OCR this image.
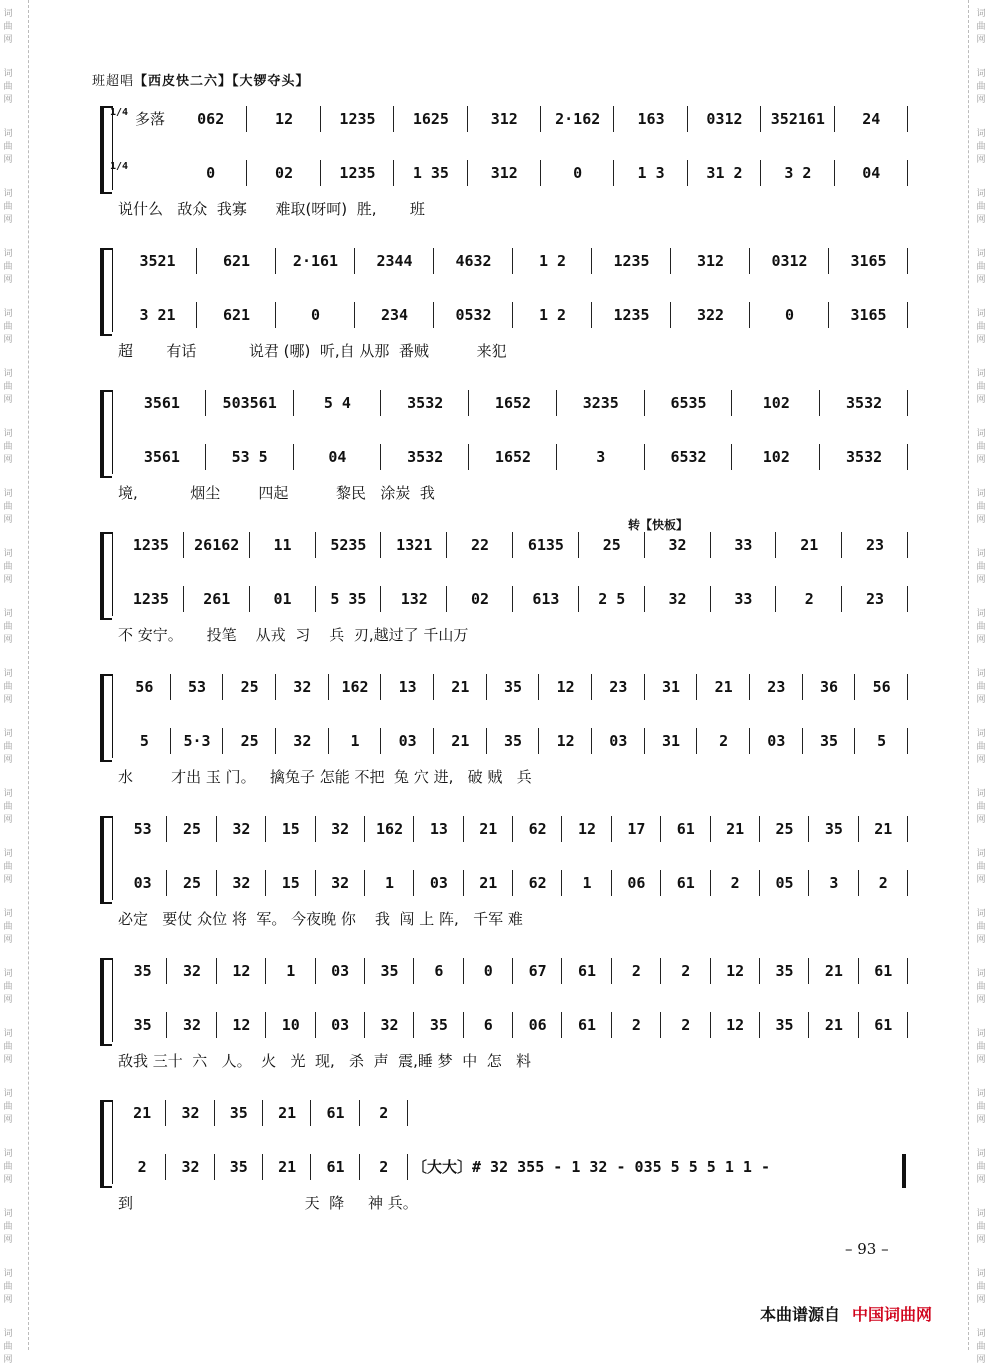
班超唱【西皮快二六】【大锣夺头】
1/4 多落	062	12	1235	1625	312	2·162	163	0312	352161	24
1/4	0	02	1235	1 35	312	0	1 3	31 2	3 2	04
说什么   敌众  我寡      难取(呀呵)  胜,       班
3521	621	2·161	2344	4632	1 2	1235	312	0312	3165
3 21	621	0	234	0532	1 2	1235	322	0	3165
超       有话           说君 (哪)  听,自 从那  番贼          来犯
3561	503561	5 4	3532	1652	3235	6535	102	3532
3561	53 5	04	3532	1652	3	6532	102	3532
境,           烟尘        四起          黎民   涂炭  我
1235	26162	11	5235	1321	22	6135	25	32	33	21	23
1235	261	01	5 35	132	02	613	2 5	32	33	2	23
不 安宁。     投笔    从戎  习    兵  刃,越过了 千山万
56	53	25	32	162	13	21	35	12	23	31	21	23	36	56
5	5·3	25	32	1	03	21	35	12	03	31	2	03	35	5
水        才出 玉 门。   擒兔子 怎能 不把  兔 穴 进,   破 贼   兵
53	25	32	15	32	162	13	21	62	12	17	61	21	25	35	21
03	25	32	15	32	1	03	21	62	1	06	61	2	05	3	2
必定   要仗 众位 将  军。 今夜晚 你    我  闯 上 阵,   千军 难
35	32	12	1	03	35	6	0	67	61	2	2	12	35	21	61
35	32	12	10	03	32	35	6	06	61	2	2	12	35	21	61
敌我 三十  六   人。  火   光  现,   杀  声  震,睡 梦  中  怎   料
21	32	35	21	61	2
2	32	35	21	61	2	〔大大〕# 32 355 - 1 32 - 035 5 5 5 1 1 -
到                                    天  降     神 兵。
– 93 –
本曲谱源自 中国词曲网
词
曲
网
词
曲
网
词
曲
网
词
曲
网
词
曲
网
词
曲
网
词
曲
网
词
曲
网
词
曲
网
词
曲
网
词
曲
网
词
曲
网
词
曲
网
词
曲
网
词
曲
网
词
曲
网
词
曲
网
词
曲
网
词
曲
网
词
曲
网
词
曲
网
词
曲
网
词
曲
网
词
曲
网
词
曲
网
词
曲
网
词
曲
网
词
曲
网
词
曲
网
词
曲
网
词
曲
网
词
曲
网
词
曲
网
词
曲
网
词
曲
网
词
曲
网
词
曲
网
词
曲
网
词
曲
网
词
曲
网
词
曲
网
词
曲
网
词
曲
网
词
曲
网
词
曲
网
词
曲
网
转【快板】
